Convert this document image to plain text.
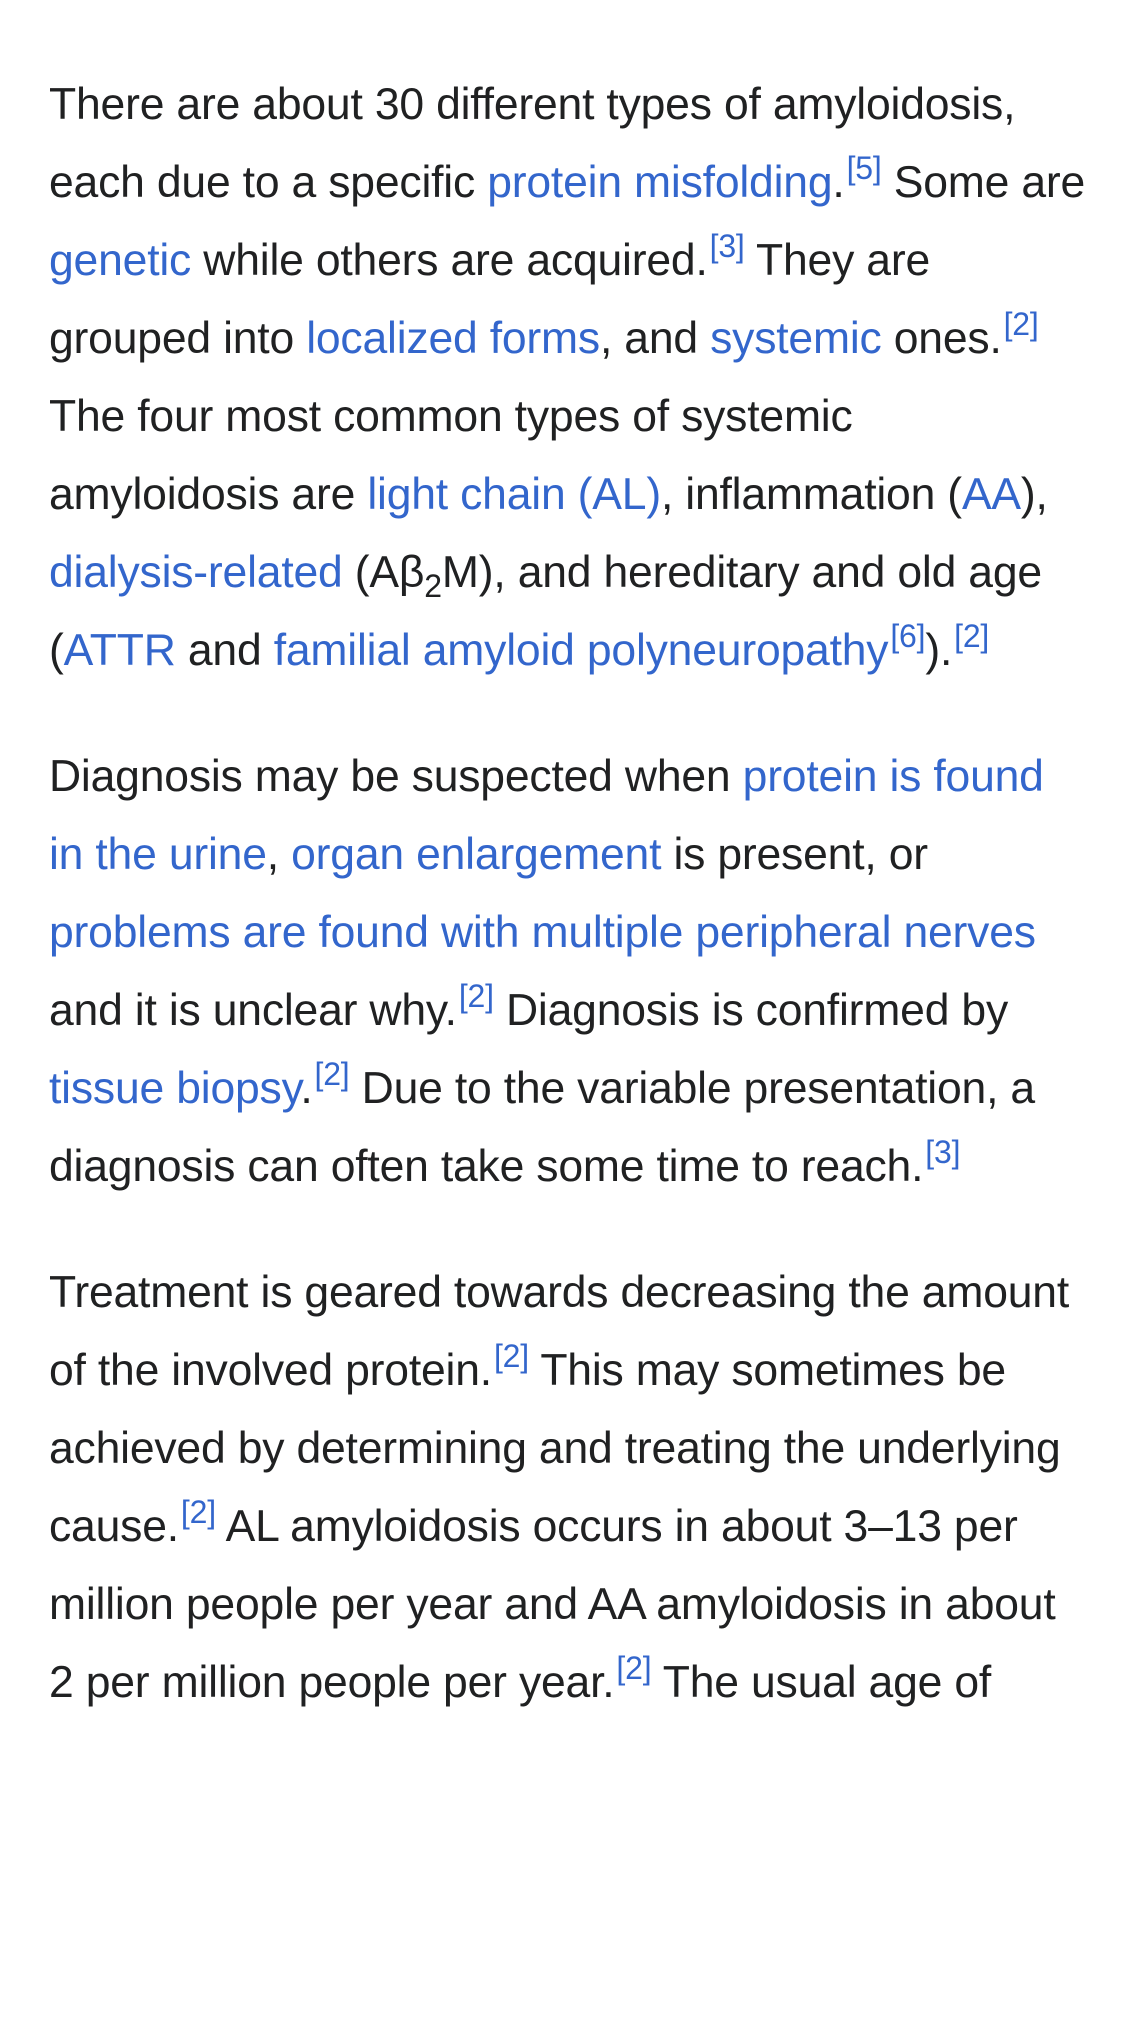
There are about 30 different types of amyloidosis, each due to a specific protein misfolding.[5] Some are genetic while others are acquired.[3] They are grouped into localized forms, and systemic ones.[2] The four most common types of systemic amyloidosis are light chain (AL), inflammation (AA), dialysis-related $(A\beta_2M)$, and hereditary and old age (ATTR and familial amyloid polyneuropathy[6]).[2]

Diagnosis may be suspected when protein is found in the urine, organ enlargement is present, or problems are found with multiple peripheral nerves and it is unclear why.[2] Diagnosis is confirmed by tissue biopsy.[2] Due to the variable presentation, a diagnosis can often take some time to reach.[3]

Treatment is geared towards decreasing the amount of the involved protein.[2] This may sometimes be achieved by determining and treating the underlying cause.[2] AL amyloidosis occurs in about 3–13 per million people per year and AA amyloidosis in about 2 per million people per year.[2] The usual age of
